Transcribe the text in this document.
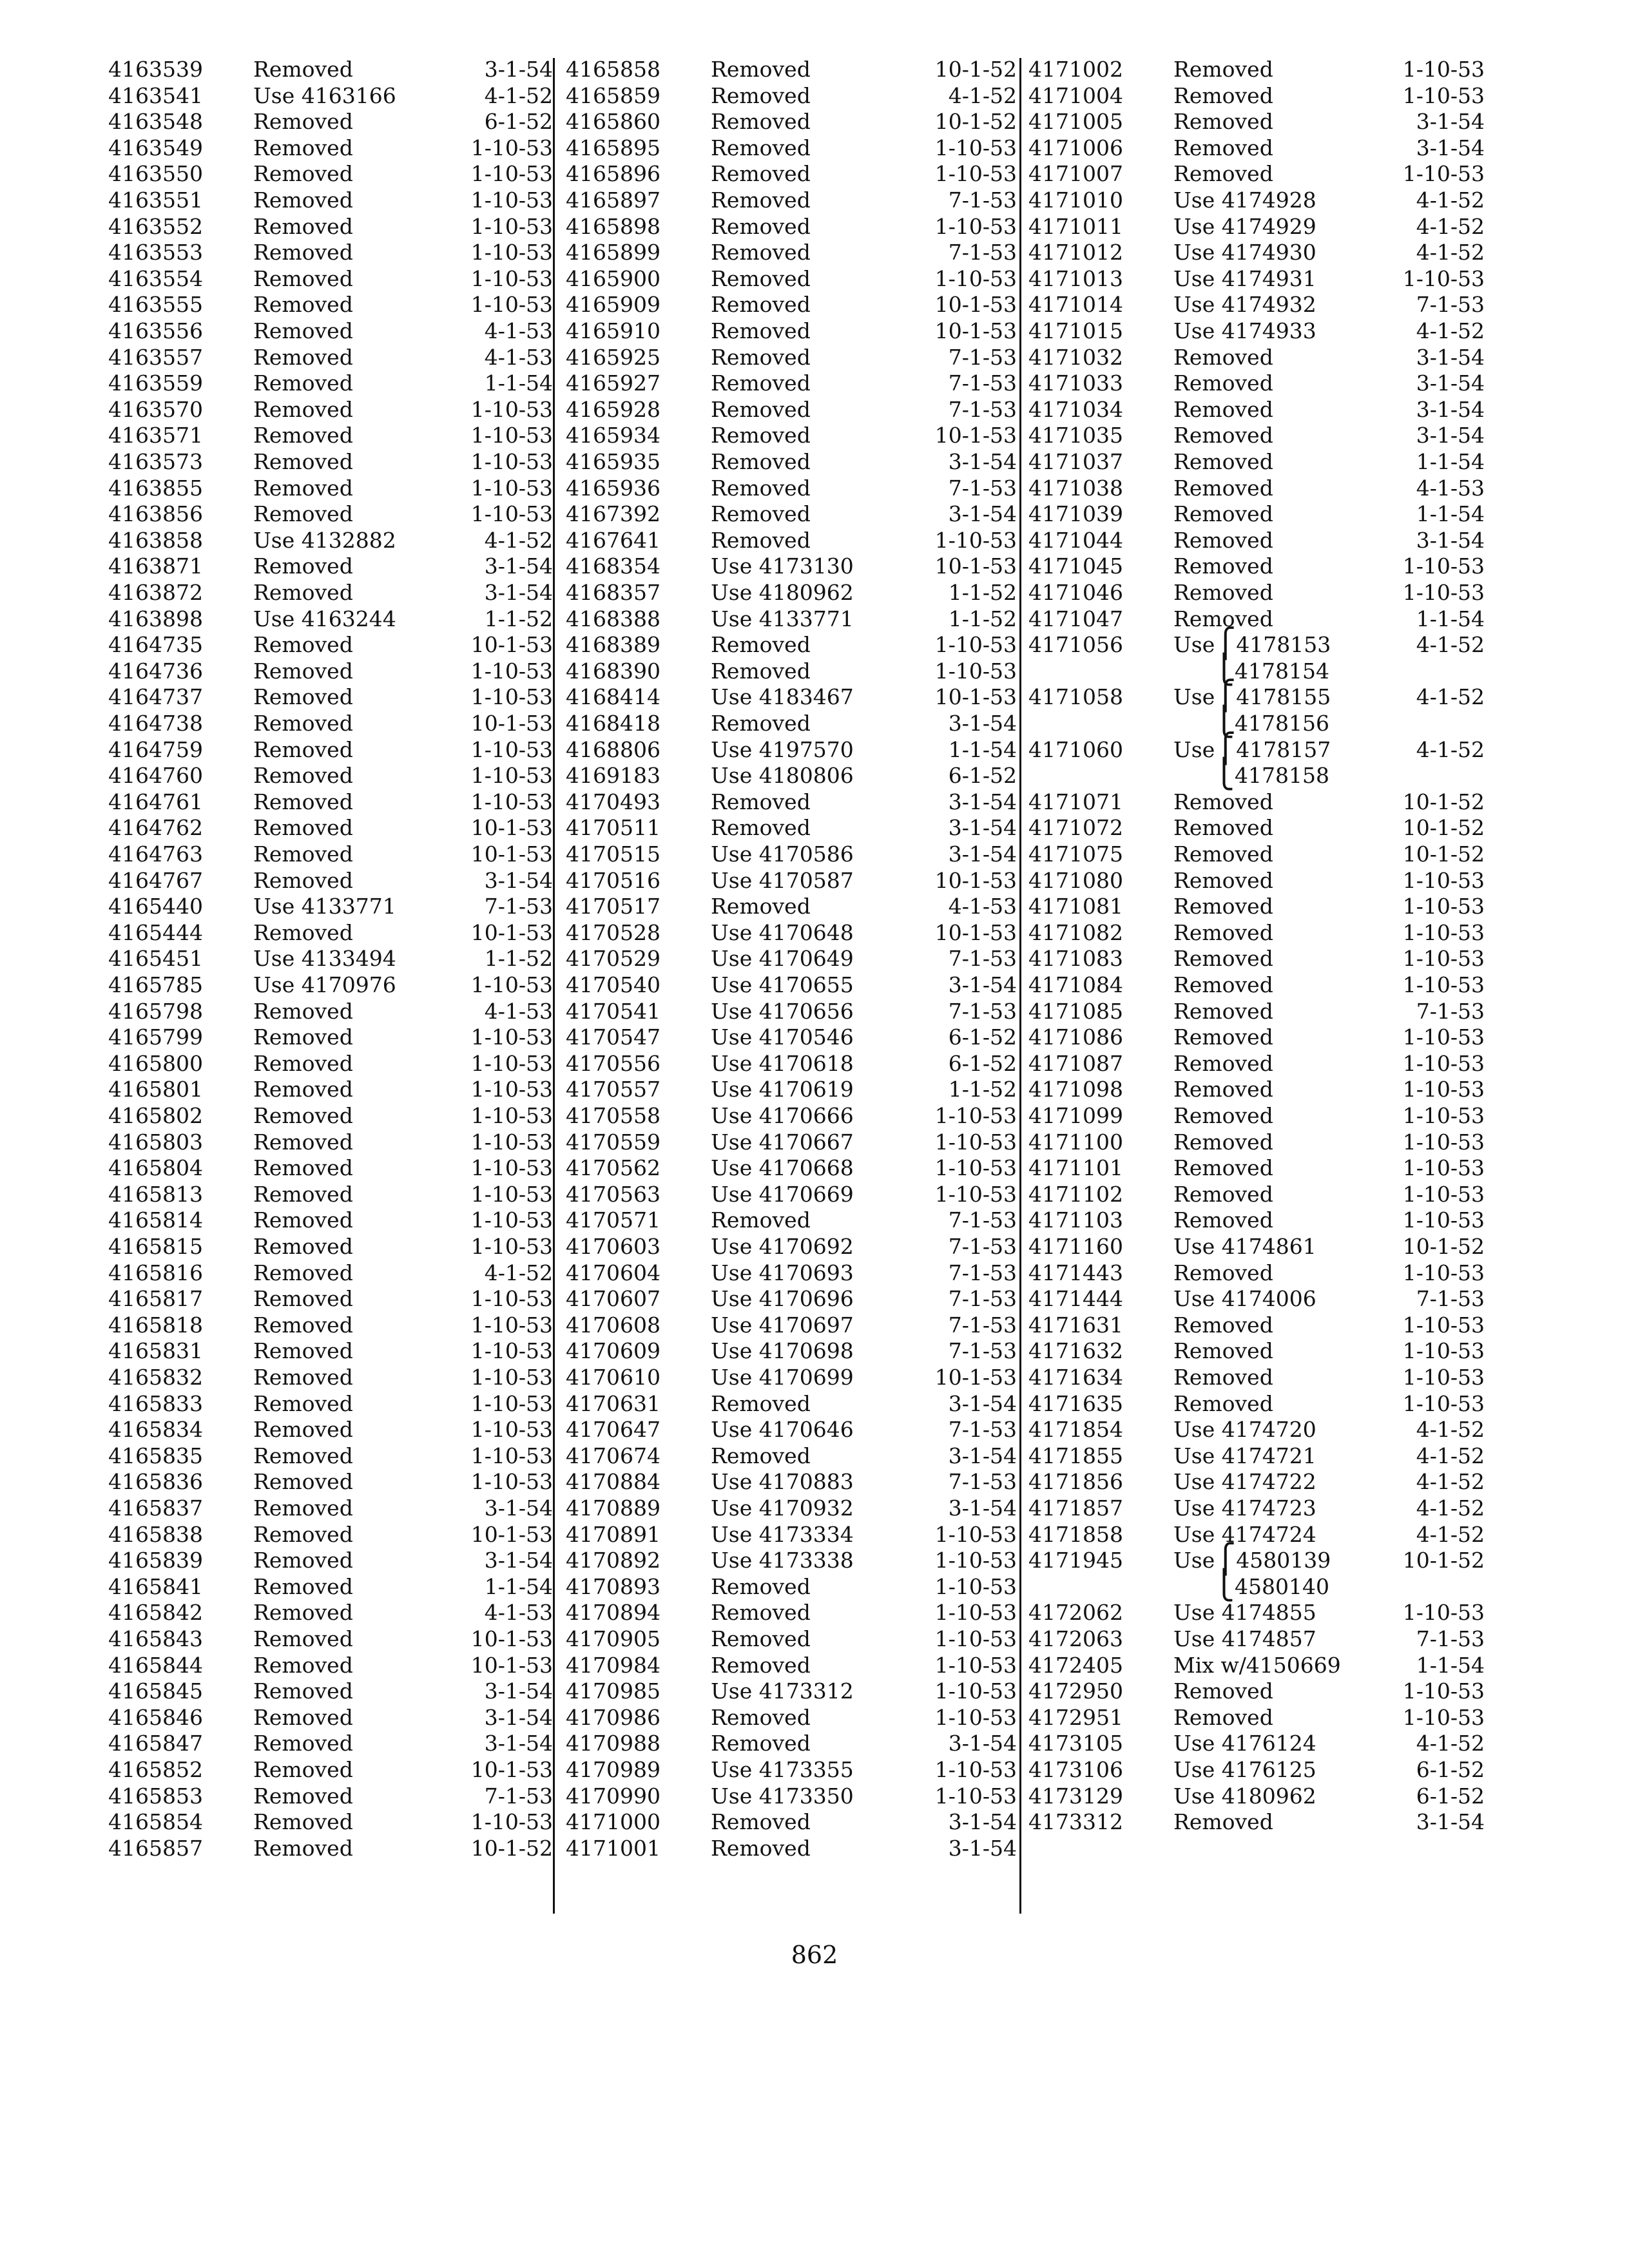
4163539 Removed	3-1-54
4163541 Use 4163166	4-1-52
4163548 Removed	6-1-52
4163549 Removed	1-10-53
4163550 Removed	1-10-53
4163551 Removed	1-10-53
4163552 Removed	1-10-53
4163553 Removed	1-10-53
4163554 Removed	1-10-53
4163555 Removed	1-10-53
4163556 Removed	4-1-53
4163557 Removed	4-1-53
4163559 Removed	1-1-54
4163570 Removed	1-10-53
4163571 Removed	1-10-53
4163573 Removed	1-10-53
4163855 Removed	1-10-53
4163856 Removed	1-10-53
4163858 Use 4132882	4-1-52
4163871 Removed	3-1-54
4163872 Removed	3-1-54
4163898 Use 4163244	1-1-52
4164735 Removed	10-1-53
4164736 Removed	1-10-53
4164737 Removed	1-10-53
4164738 Removed	10-1-53
4164759 Removed	1-10-53
4164760 Removed	1-10-53
4164761 Removed	1-10-53
4164762 Removed	10-1-53
4164763 Removed	10-1-53
4164767 Removed	3-1-54
4165440 Use 4133771	7-1-53
4165444 Removed	10-1-53
4165451 Use 4133494	1-1-52
4165785 Use 4170976	1-10-53
4165798 Removed	4-1-53
4165799 Removed	1-10-53
4165800 Removed	1-10-53
4165801 Removed	1-10-53
4165802 Removed	1-10-53
4165803 Removed	1-10-53
4165804 Removed	1-10-53
4165813 Removed	1-10-53
4165814 Removed	1-10-53
4165815 Removed	1-10-53
4165816 Removed	4-1-52
4165817 Removed	1-10-53
4165818 Removed	1-10-53
4165831 Removed	1-10-53
4165832 Removed	1-10-53
4165833 Removed	1-10-53
4165834 Removed	1-10-53
4165835 Removed	1-10-53
4165836 Removed	1-10-53
4165837 Removed	3-1-54
4165838 Removed	10-1-53
4165839 Removed	3-1-54
4165841 Removed	1-1-54
4165842 Removed	4-1-53
4165843 Removed	10-1-53
4165844 Removed	10-1-53
4165845 Removed	3-1-54
4165846 Removed	3-1-54
4165847 Removed	3-1-54
4165852 Removed	10-1-53
4165853 Removed	7-1-53
4165854 Removed	1-10-53
4165857 Removed	10-1-52
4165858 Removed	10-1-52
4165859 Removed	4-1-52
4165860 Removed	10-1-52
4165895 Removed	1-10-53
4165896 Removed	1-10-53
4165897 Removed	7-1-53
4165898 Removed	1-10-53
4165899 Removed	7-1-53
4165900 Removed	1-10-53
4165909 Removed	10-1-53
4165910 Removed	10-1-53
4165925 Removed	7-1-53
4165927 Removed	7-1-53
4165928 Removed	7-1-53
4165934 Removed	10-1-53
4165935 Removed	3-1-54
4165936 Removed	7-1-53
4167392 Removed	3-1-54
4167641 Removed	1-10-53
4168354 Use 4173130	10-1-53
4168357 Use 4180962	1-1-52
4168388 Use 4133771	1-1-52
4168389 Removed	1-10-53
4168390 Removed	1-10-53
4168414 Use 4183467	10-1-53
4168418 Removed	3-1-54
4168806 Use 4197570	1-1-54
4169183 Use 4180806	6-1-52
4170493 Removed	3-1-54
4170511 Removed	3-1-54
4170515 Use 4170586	3-1-54
4170516 Use 4170587	10-1-53
4170517 Removed	4-1-53
4170528 Use 4170648	10-1-53
4170529 Use 4170649	7-1-53
4170540 Use 4170655	3-1-54
4170541 Use 4170656	7-1-53
4170547 Use 4170546	6-1-52
4170556 Use 4170618	6-1-52
4170557 Use 4170619	1-1-52
4170558 Use 4170666	1-10-53
4170559 Use 4170667	1-10-53
4170562 Use 4170668	1-10-53
4170563 Use 4170669	1-10-53
4170571 Removed	7-1-53
4170603 Use 4170692	7-1-53
4170604 Use 4170693	7-1-53
4170607 Use 4170696	7-1-53
4170608 Use 4170697	7-1-53
4170609 Use 4170698	7-1-53
4170610 Use 4170699	10-1-53
4170631 Removed	3-1-54
4170647 Use 4170646	7-1-53
4170674 Removed	3-1-54
4170884 Use 4170883	7-1-53
4170889 Use 4170932	3-1-54
4170891 Use 4173334	1-10-53
4170892 Use 4173338	1-10-53
4170893 Removed	1-10-53
4170894 Removed	1-10-53
4170905 Removed	1-10-53
4170984 Removed	1-10-53
4170985 Use 4173312	1-10-53
4170986 Removed	1-10-53
4170988 Removed	3-1-54
4170989 Use 4173355	1-10-53
4170990 Use 4173350	1-10-53
4171000 Removed	3-1-54
4171001 Removed	3-1-54
4171002 Removed	1-10-53
4171004 Removed	1-10-53
4171005 Removed	3-1-54
4171006 Removed	3-1-54
4171007 Removed	1-10-53
4171010 Use 4174928	4-1-52
4171011 Use 4174929	4-1-52
4171012 Use 4174930	4-1-52
4171013 Use 4174931	1-10-53
4171014 Use 4174932	7-1-53
4171015 Use 4174933	4-1-52
4171032 Removed	3-1-54
4171033 Removed	3-1-54
4171034 Removed	3-1-54
4171035 Removed	3-1-54
4171037 Removed	1-1-54
4171038 Removed	4-1-53
4171039 Removed	1-1-54
4171044 Removed	3-1-54
4171045 Removed	1-10-53
4171046 Removed	1-10-53
4171047 Removed	1-1-54
4171056 Use⎧4178153	4-1-52
⎩4178154
4171058 Use⎧4178155	4-1-52
⎩4178156
4171060 Use⎧4178157	4-1-52
⎩4178158
4171071 Removed	10-1-52
4171072 Removed	10-1-52
4171075 Removed	10-1-52
4171080 Removed	1-10-53
4171081 Removed	1-10-53
4171082 Removed	1-10-53
4171083 Removed	1-10-53
4171084 Removed	1-10-53
4171085 Removed	7-1-53
4171086 Removed	1-10-53
4171087 Removed	1-10-53
4171098 Removed	1-10-53
4171099 Removed	1-10-53
4171100 Removed	1-10-53
4171101 Removed	1-10-53
4171102 Removed	1-10-53
4171103 Removed	1-10-53
4171160 Use 4174861	10-1-52
4171443 Removed	1-10-53
4171444 Use 4174006	7-1-53
4171631 Removed	1-10-53
4171632 Removed	1-10-53
4171634 Removed	1-10-53
4171635 Removed	1-10-53
4171854 Use 4174720	4-1-52
4171855 Use 4174721	4-1-52
4171856 Use 4174722	4-1-52
4171857 Use 4174723	4-1-52
4171858 Use 4174724	4-1-52
4171945 Use⎧4580139	10-1-52
⎩4580140
4172062 Use 4174855	1-10-53
4172063 Use 4174857	7-1-53
4172405 Mix w/4150669	1-1-54
4172950 Removed	1-10-53
4172951 Removed	1-10-53
4173105 Use 4176124	4-1-52
4173106 Use 4176125	6-1-52
4173129 Use 4180962	6-1-52
4173312 Removed	3-1-54
862
